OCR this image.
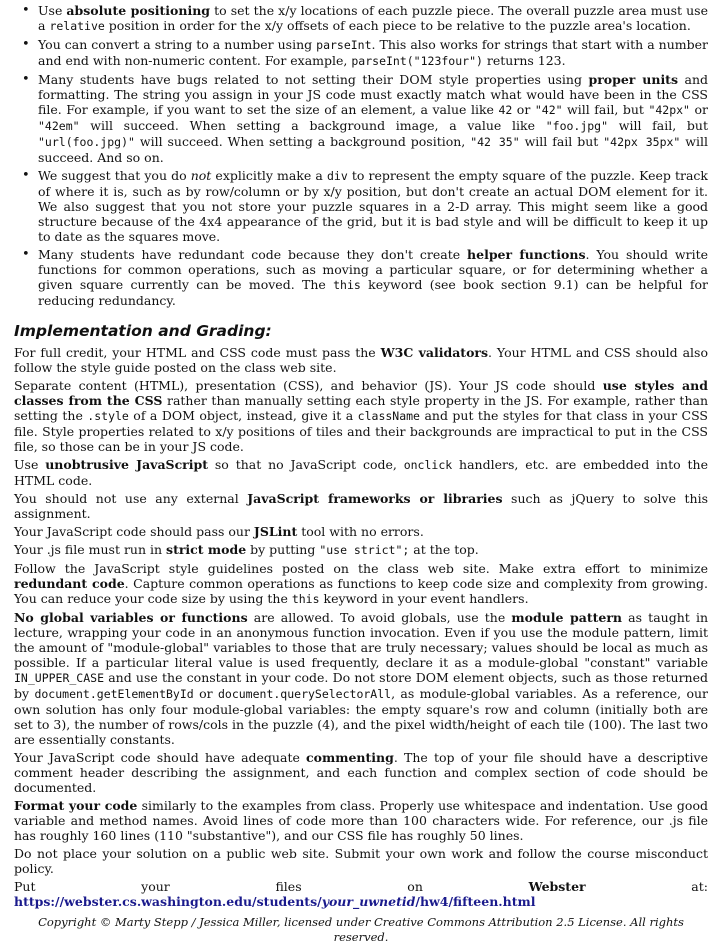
• Use absolute positioning to set the x/y locations of each puzzle piece. The overall puzzle area must use a relative position in order for the x/y offsets of each piece to be relative to the puzzle area's location.
• You can convert a string to a number using parseInt. This also works for strings that start with a number and end with non-numeric content. For example, parseInt("123four") returns 123.
• Many students have bugs related to not setting their DOM style properties using proper units and formatting. The string you assign in your JS code must exactly match what would have been in the CSS file. For example, if you want to set the size of an element, a value like 42 or "42" will fail, but "42px" or "42em" will succeed. When setting a background image, a value like "foo.jpg" will fail, but "url(foo.jpg)" will succeed. When setting a background position, "42 35" will fail but "42px 35px" will succeed. And so on.
• We suggest that you do not explicitly make a div to represent the empty square of the puzzle. Keep track of where it is, such as by row/column or by x/y position, but don't create an actual DOM element for it. We also suggest that you not store your puzzle squares in a 2-D array. This might seem like a good structure because of the 4x4 appearance of the grid, but it is bad style and will be difficult to keep it up to date as the squares move.
• Many students have redundant code because they don't create helper functions. You should write functions for common operations, such as moving a particular square, or for determining whether a given square currently can be moved. The this keyword (see book section 9.1) can be helpful for reducing redundancy.
Implementation and Grading:

For full credit, your HTML and CSS code must pass the W3C validators. Your HTML and CSS should also follow the style guide posted on the class web site.

Separate content (HTML), presentation (CSS), and behavior (JS). Your JS code should use styles and classes from the CSS rather than manually setting each style property in the JS. For example, rather than setting the .style of a DOM object, instead, give it a className and put the styles for that class in your CSS file. Style properties related to x/y positions of tiles and their backgrounds are impractical to put in the CSS file, so those can be in your JS code.

Use unobtrusive JavaScript so that no JavaScript code, onclick handlers, etc. are embedded into the HTML code.

You should not use any external JavaScript frameworks or libraries such as jQuery to solve this assignment.

Your JavaScript code should pass our JSLint tool with no errors.

Your .js file must run in strict mode by putting "use strict"; at the top.

Follow the JavaScript style guidelines posted on the class web site. Make extra effort to minimize redundant code. Capture common operations as functions to keep code size and complexity from growing. You can reduce your code size by using the this keyword in your event handlers.

No global variables or functions are allowed. To avoid globals, use the module pattern as taught in lecture, wrapping your code in an anonymous function invocation. Even if you use the module pattern, limit the amount of "module-global" variables to those that are truly necessary; values should be local as much as possible. If a particular literal value is used frequently, declare it as a module-global "constant" variable IN_UPPER_CASE and use the constant in your code. Do not store DOM element objects, such as those returned by document.getElementById or document.querySelectorAll, as module-global variables. As a reference, our own solution has only four module-global variables: the empty square's row and column (initially both are set to 3), the number of rows/cols in the puzzle (4), and the pixel width/height of each tile (100). The last two are essentially constants.

Your JavaScript code should have adequate commenting. The top of your file should have a descriptive comment header describing the assignment, and each function and complex section of code should be documented.

Format your code similarly to the examples from class. Properly use whitespace and indentation. Use good variable and method names. Avoid lines of code more than 100 characters wide. For reference, our .js file has roughly 160 lines (110 "substantive"), and our CSS file has roughly 50 lines.

Do not place your solution on a public web site. Submit your own work and follow the course misconduct policy.

Put your files on Webster at: https://webster.cs.washington.edu/students/your_uwnetid/hw4/fifteen.html

Copyright © Marty Stepp / Jessica Miller, licensed under Creative Commons Attribution 2.5 License. All rights reserved.
